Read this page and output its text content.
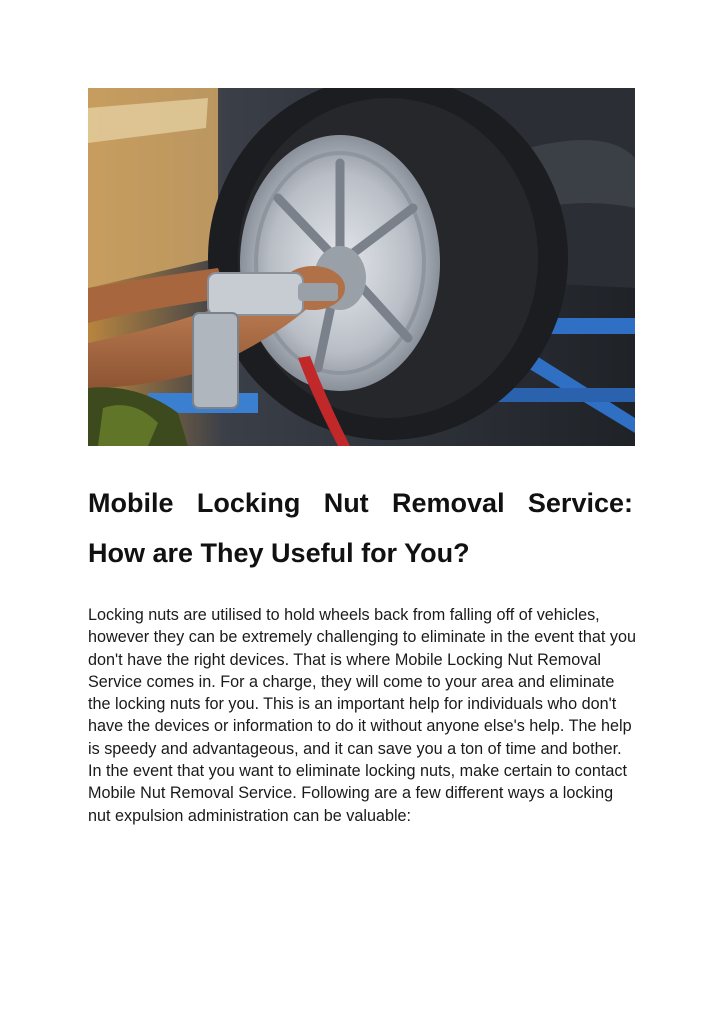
Mobile Locking Nut Removal Service: How are They Useful for You?

Locking nuts are utilised to hold wheels back from falling off of vehicles, however they can be extremely challenging to eliminate in the event that you don't have the right devices. That is where Mobile Locking Nut Removal Service comes in. For a charge, they will come to your area and eliminate the locking nuts for you. This is an important help for individuals who don't have the devices or information to do it without anyone else's help. The help is speedy and advantageous, and it can save you a ton of time and bother. In the event that you want to eliminate locking nuts, make certain to contact Mobile Nut Removal Service. Following are a few different ways a locking nut expulsion administration can be valuable:
